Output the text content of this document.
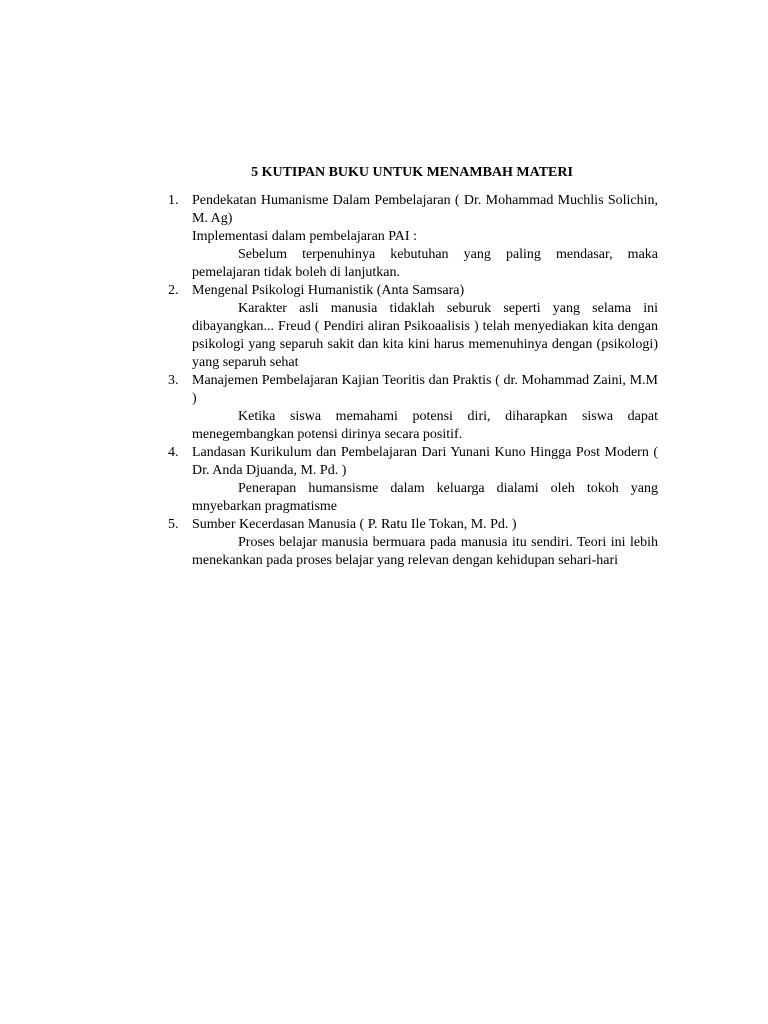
5 KUTIPAN BUKU UNTUK MENAMBAH MATERI
1. Pendekatan Humanisme Dalam Pembelajaran ( Dr. Mohammad Muchlis Solichin, M. Ag)
Implementasi dalam pembelajaran PAI :
Sebelum terpenuhinya kebutuhan yang paling mendasar, maka pemelajaran tidak boleh di lanjutkan.
2. Mengenal Psikologi Humanistik (Anta Samsara)
Karakter asli manusia tidaklah seburuk seperti yang selama ini dibayangkan... Freud ( Pendiri aliran Psikoaalisis ) telah menyediakan kita dengan psikologi yang separuh sakit dan kita kini harus memenuhinya dengan (psikologi) yang separuh sehat
3. Manajemen Pembelajaran Kajian Teoritis dan Praktis ( dr. Mohammad Zaini, M.M )
Ketika siswa memahami potensi diri, diharapkan siswa dapat menegembangkan potensi dirinya secara positif.
4. Landasan Kurikulum dan Pembelajaran Dari Yunani Kuno Hingga Post Modern ( Dr. Anda Djuanda, M. Pd. )
Penerapan humansisme dalam keluarga dialami oleh tokoh yang mnyebarkan pragmatisme
5. Sumber Kecerdasan Manusia ( P. Ratu Ile Tokan, M. Pd. )
Proses belajar manusia bermuara pada manusia itu sendiri. Teori ini lebih menekankan pada proses belajar yang relevan dengan kehidupan sehari-hari
